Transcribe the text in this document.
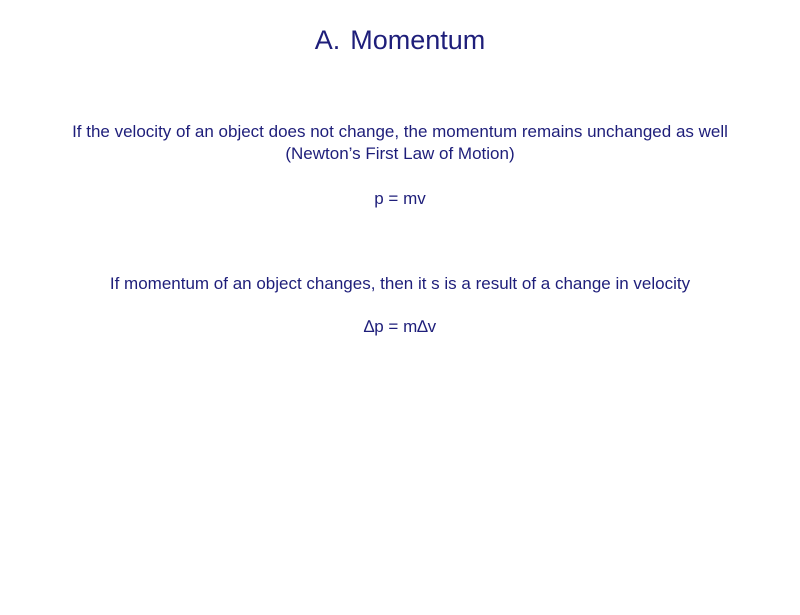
A. Momentum
If the velocity of an object does not change, the momentum remains unchanged as well (Newton’s First Law of Motion)
p = mv
If momentum of an object changes, then it s is a result of a change in velocity
∆p = m∆v
